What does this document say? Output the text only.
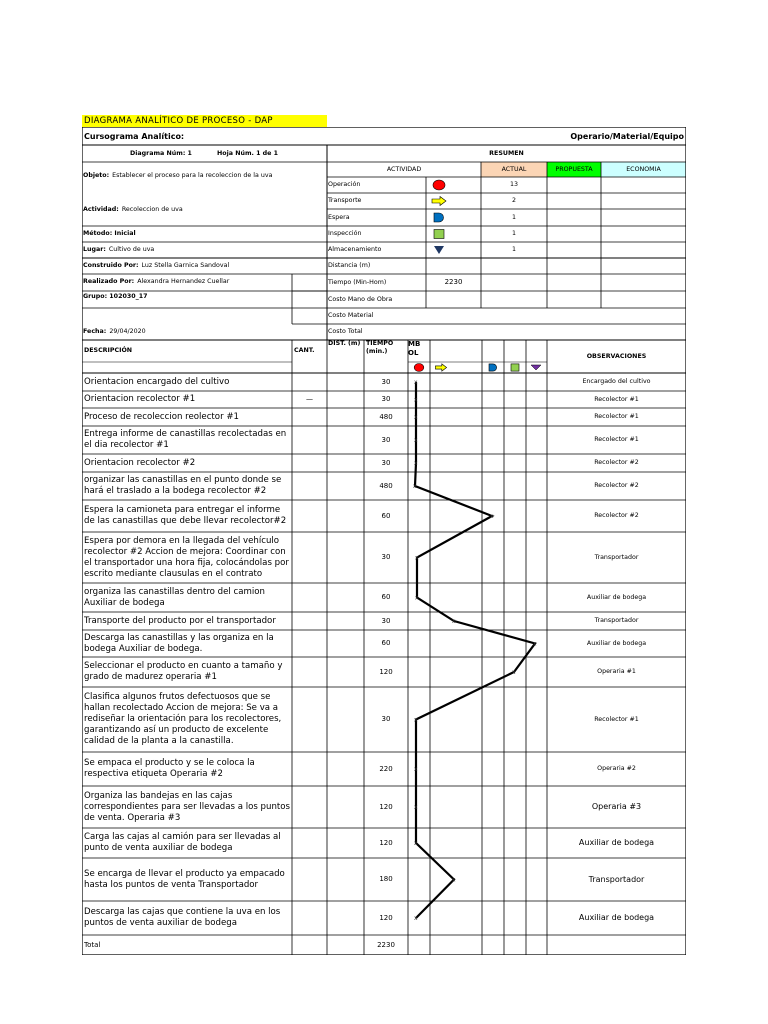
DIAGRAMA ANALÍTICO DE PROCESO - DAP
x
x
x
x
x
x
x
x
x
x
x
x
x
x
x
x
x
x
Cursograma Analítico:	Operario/Material/Equipo
Diagrama Núm: 1	Hoja Núm. 1 de 1	RESUMEN
Objeto: Establecer el proceso para la recoleccion de la uva
Actividad: Recoleccion de uva
Método: Inicial
Lugar: Cultivo de uva
Construido Por: Luz Stella Garnica Sandoval
Realizado Por: Alexandra Hernandez Cuellar
Grupo: 102030_17
Fecha: 29/04/2020
ACTIVIDAD	ACTUAL	PROPUESTA	ECONOMIA
Operación	13
Transporte	2
Espera	1
Inspección	1
Almacenamiento	1
Distancia (m)
Tiempo (Min-Hom)	2230
Costo Mano de Obra
Costo Material
Costo Total
DESCRIPCIÓN	CANT.
DIST. (m) TIEMPO (min.)
MB OL	OBSERVACIONES
Orientacion encargado del cultivo	30	Encargado del cultivo
Orientacion recolector #1	—	30	Recolector #1
Proceso de recoleccion reolector #1	480	Recolector #1
Entrega informe de canastillas recolectadas en el dia recolector #1
30	Recolector #1
Orientacion recolector #2	30	Recolector #2
organizar las canastillas en el punto donde se hará el traslado a la bodega recolector #2
480	Recolector #2
Espera la camioneta para entregar el informe de las canastillas que debe llevar recolector#2
60	Recolector #2
Espera por demora en la llegada del vehículo recolector #2 Accion de mejora: Coordinar con el transportador una hora fija, colocándolas por escrito mediante clausulas en el contrato
30	Transportador
organiza las canastillas dentro del camion Auxiliar de bodega
60	Auxiliar de bodega
Transporte del producto por el transportador	30	Transportador
Descarga las canastillas y las organiza en la bodega Auxiliar de bodega.
60	Auxiliar de bodega
Seleccionar el producto en cuanto a tamaño y grado de madurez operaria #1
120	Operaria #1
Clasifica algunos frutos defectuosos que se hallan recolectado Accion de mejora: Se va a rediseñar la orientación para los recolectores, garantizando así un producto de excelente calidad de la planta a la canastilla.
30	Recolector #1
Se empaca el producto y se le coloca la respectiva etiqueta Operaria #2
220	Operaria #2
Organiza las bandejas en las cajas correspondientes para ser llevadas a los puntos de venta. Operaria #3
120	Operaria #3
Carga las cajas al camión para ser llevadas al punto de venta auxiliar de bodega
120	Auxiliar de bodega
Se encarga de llevar el producto ya empacado hasta los puntos de venta Transportador
180	Transportador
Descarga las cajas que contiene la uva en los puntos de venta auxiliar de bodega
120	Auxiliar de bodega
Total	2230
